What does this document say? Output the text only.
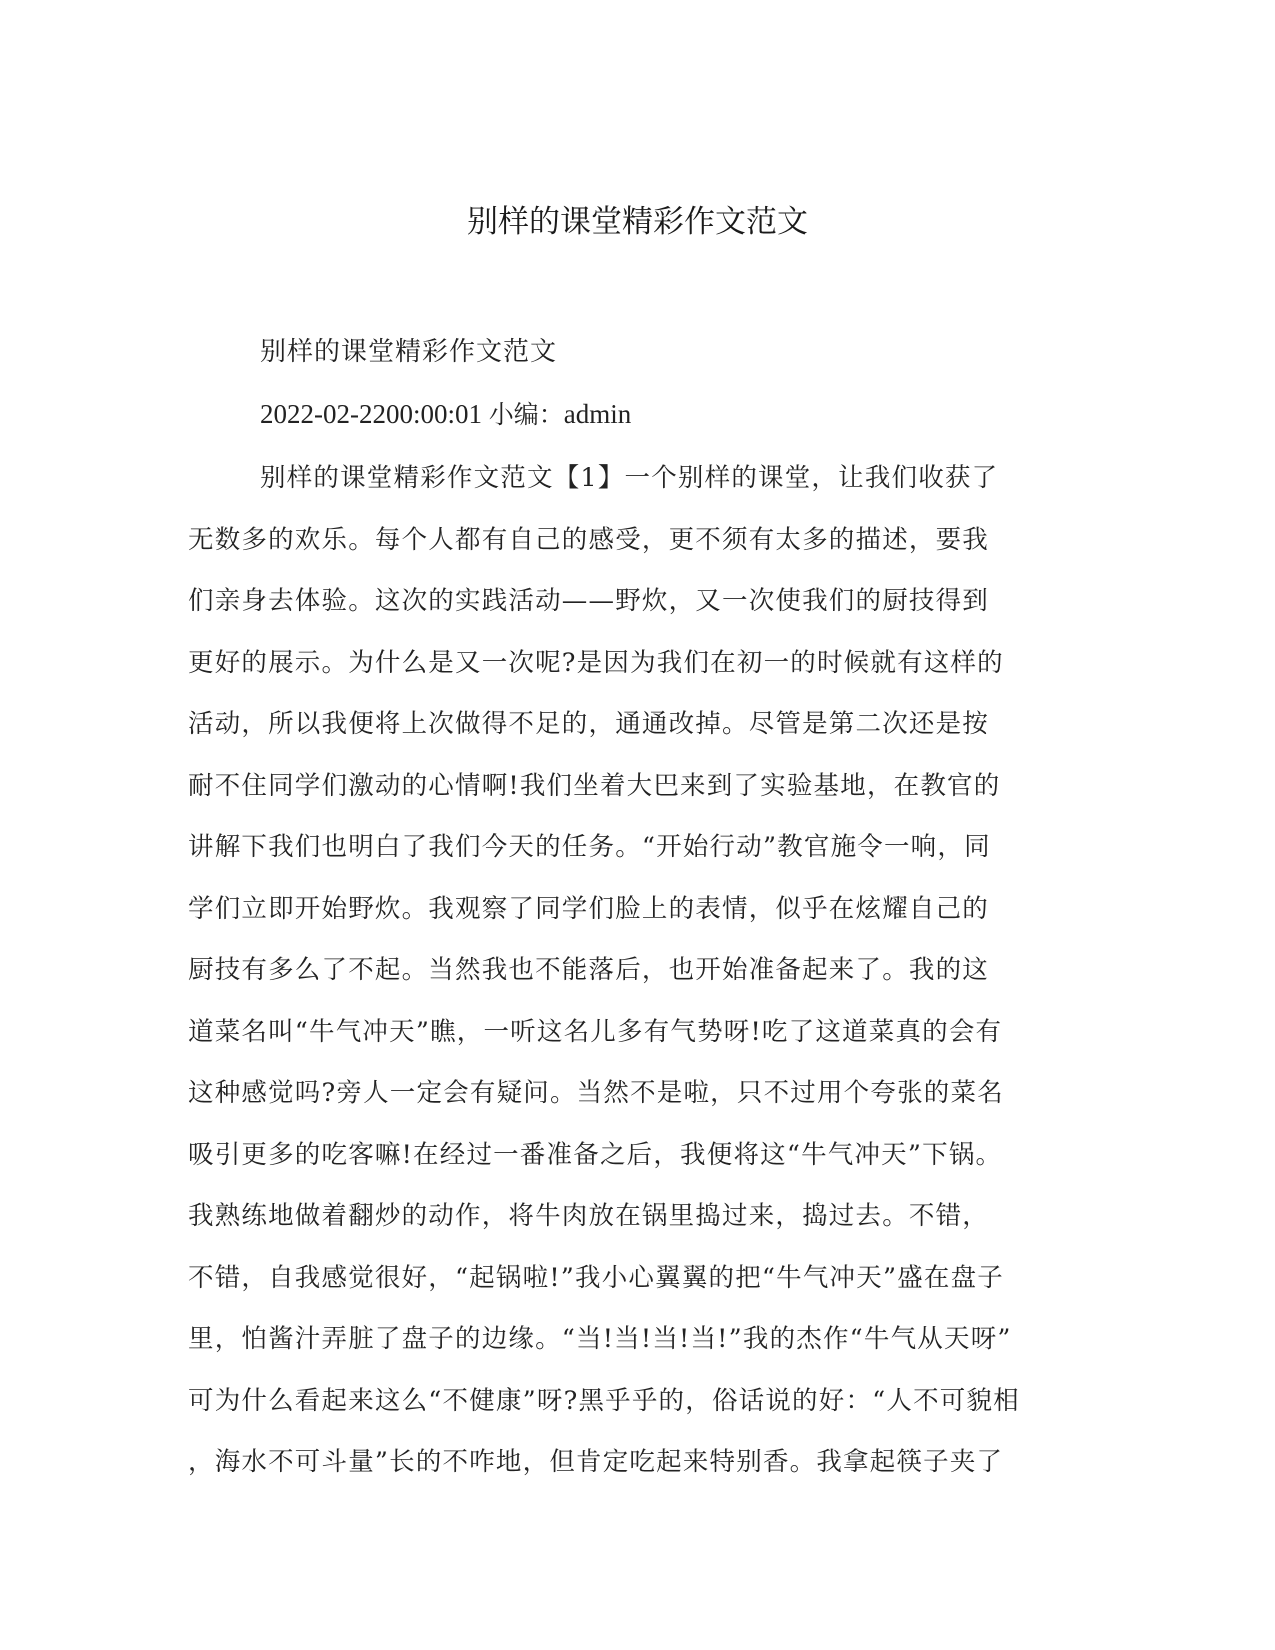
别样的课堂精彩作文范文
别样的课堂精彩作文范文
2022-02-2200:00:01 小编：admin
别样的课堂精彩作文范文【1】一个别样的课堂，让我们收获了
无数多的欢乐。每个人都有自己的感受，更不须有太多的描述，要我
们亲身去体验。这次的实践活动——野炊，又一次使我们的厨技得到
更好的展示。为什么是又一次呢?是因为我们在初一的时候就有这样的
活动，所以我便将上次做得不足的，通通改掉。尽管是第二次还是按
耐不住同学们激动的心情啊!我们坐着大巴来到了实验基地，在教官的
讲解下我们也明白了我们今天的任务。“开始行动”教官施令一响，同
学们立即开始野炊。我观察了同学们脸上的表情，似乎在炫耀自己的
厨技有多么了不起。当然我也不能落后，也开始准备起来了。我的这
道菜名叫“牛气冲天”瞧，一听这名儿多有气势呀!吃了这道菜真的会有
这种感觉吗?旁人一定会有疑问。当然不是啦，只不过用个夸张的菜名
吸引更多的吃客嘛!在经过一番准备之后，我便将这“牛气冲天”下锅。
我熟练地做着翻炒的动作，将牛肉放在锅里捣过来，捣过去。不错，
不错，自我感觉很好，“起锅啦!”我小心翼翼的把“牛气冲天”盛在盘子
里，怕酱汁弄脏了盘子的边缘。“当!当!当!当!”我的杰作“牛气从天呀”
可为什么看起来这么“不健康”呀?黑乎乎的，俗话说的好：“人不可貌相
，海水不可斗量”长的不咋地，但肯定吃起来特别香。我拿起筷子夹了
